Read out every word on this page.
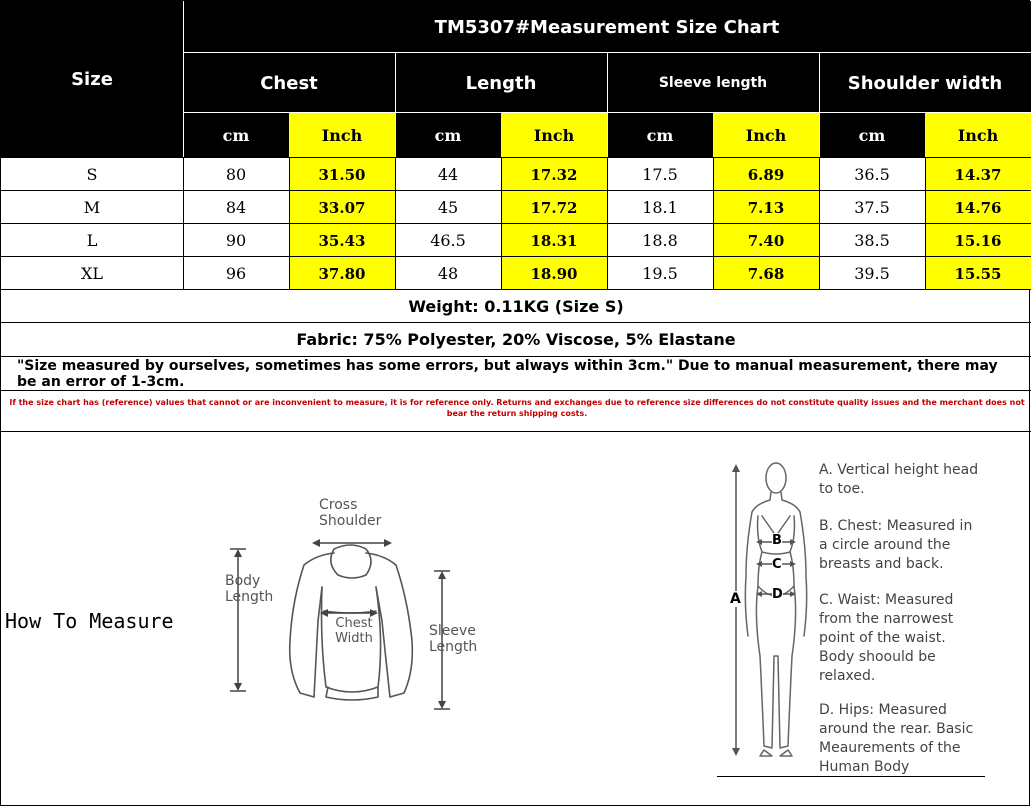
Size
TM5307#Measurement Size Chart
Chest	Length	Sleeve length	Shoulder width
cm	Inch	cm	Inch	cm	Inch	cm	Inch
S	80	31.50	44	17.32	17.5	6.89	36.5	14.37
M	84	33.07	45	17.72	18.1	7.13	37.5	14.76
L	90	35.43	46.5	18.31	18.8	7.40	38.5	15.16
XL	96	37.80	48	18.90	19.5	7.68	39.5	15.55
Weight: 0.11KG (Size S)
Fabric: 75% Polyester, 20% Viscose, 5% Elastane
"Size measured by ourselves, sometimes has some errors, but always within 3cm." Due to manual measurement, there may be an error of 1-3cm.
If the size chart has (reference) values that cannot or are inconvenient to measure, it is for reference only. Returns and exchanges due to reference size differences do not constitute quality issues and the merchant does not bear the return shipping costs.
How To Measure
Cross Shoulder
Body Length
Chest Width	Sleeve Length
A
B
C
D
A. Vertical height head to toe.
B. Chest: Measured in a circle around the breasts and back.
C. Waist: Measured from the narrowest point of the waist. Body shoould be relaxed.
D. Hips: Measured around the rear. Basic Meaurements of the Human Body
